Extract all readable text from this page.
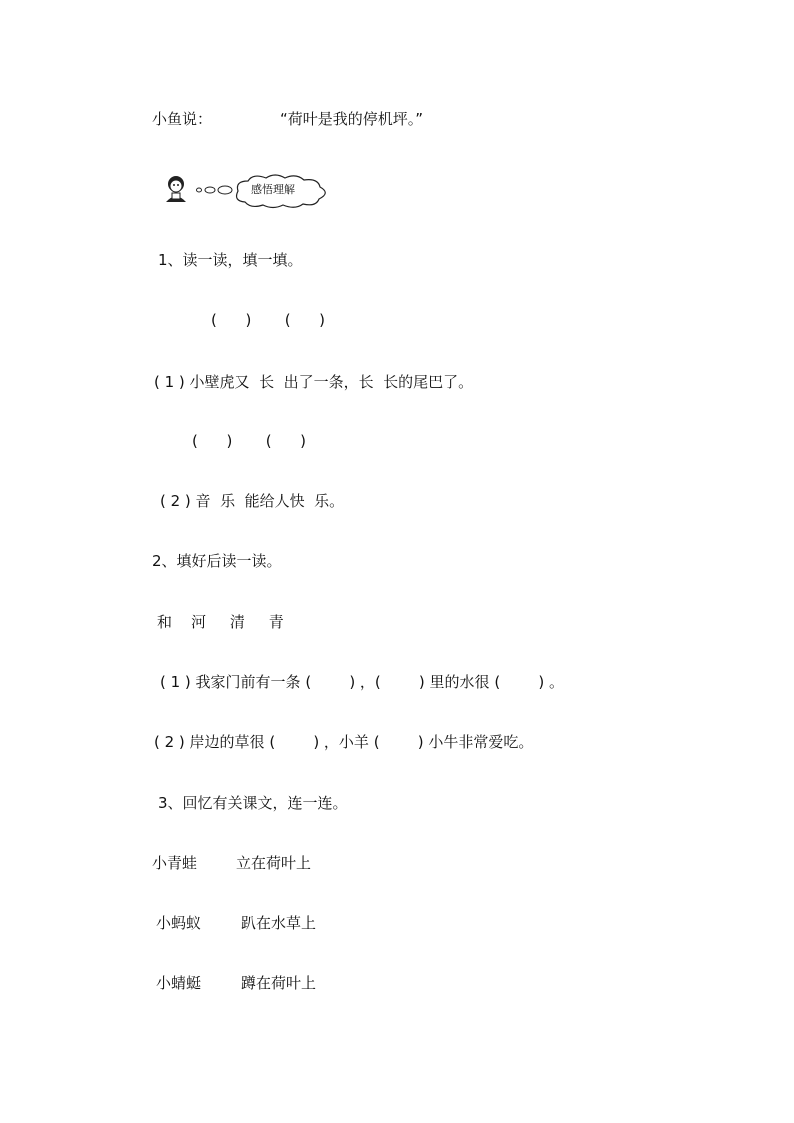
小鱼说：	“荷叶是我的停机坪。”
感悟理解
1、读一读，填一填。
(      )       (      )
( 1 ) 小壁虎又  长  出了一条，长  长的尾巴了。
(      )       (      )
( 2 ) 音  乐  能给人快  乐。
2、填好后读一读。
和    河     清     青
( 1 ) 我家门前有一条 (        ) ，(        ) 里的水很 (        ) 。
( 2 ) 岸边的草很 (        ) ，小羊 (        ) 小牛非常爱吃。
3、回忆有关课文，连一连。
小青蛙	立在荷叶上
小蚂蚁	趴在水草上
小蜻蜓	蹲在荷叶上
